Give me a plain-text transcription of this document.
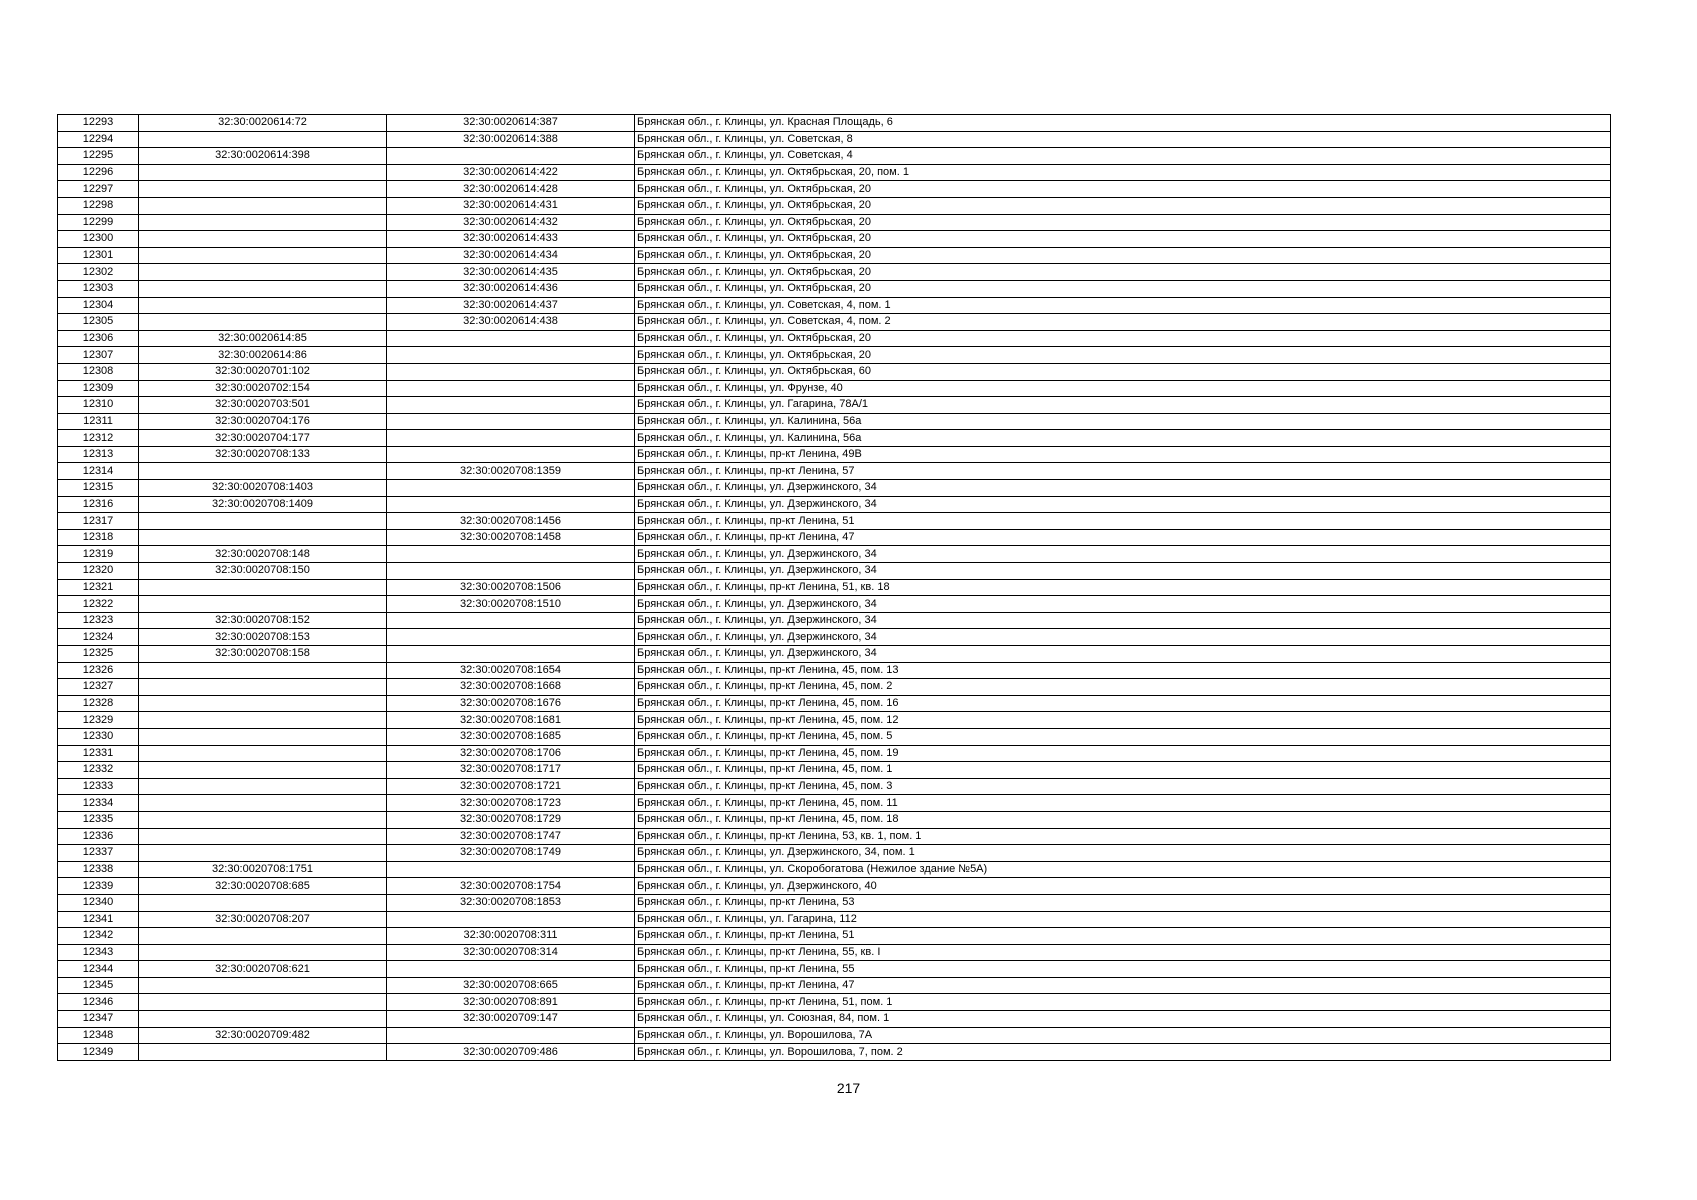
12293	32:30:0020614:72	32:30:0020614:387	Брянская обл., г. Клинцы, ул. Красная Площадь, 6
12294		32:30:0020614:388	Брянская обл., г. Клинцы, ул. Советская, 8
12295	32:30:0020614:398		Брянская обл., г. Клинцы, ул. Советская, 4
12296		32:30:0020614:422	Брянская обл., г. Клинцы, ул. Октябрьская, 20, пом. 1
12297		32:30:0020614:428	Брянская обл., г. Клинцы, ул. Октябрьская, 20
12298		32:30:0020614:431	Брянская обл., г. Клинцы, ул. Октябрьская, 20
12299		32:30:0020614:432	Брянская обл., г. Клинцы, ул. Октябрьская, 20
12300		32:30:0020614:433	Брянская обл., г. Клинцы, ул. Октябрьская, 20
12301		32:30:0020614:434	Брянская обл., г. Клинцы, ул. Октябрьская, 20
12302		32:30:0020614:435	Брянская обл., г. Клинцы, ул. Октябрьская, 20
12303		32:30:0020614:436	Брянская обл., г. Клинцы, ул. Октябрьская, 20
12304		32:30:0020614:437	Брянская обл., г. Клинцы, ул. Советская, 4, пом. 1
12305		32:30:0020614:438	Брянская обл., г. Клинцы, ул. Советская, 4, пом. 2
12306	32:30:0020614:85		Брянская обл., г. Клинцы, ул. Октябрьская, 20
12307	32:30:0020614:86		Брянская обл., г. Клинцы, ул. Октябрьская, 20
12308	32:30:0020701:102		Брянская обл., г. Клинцы, ул. Октябрьская, 60
12309	32:30:0020702:154		Брянская обл., г. Клинцы, ул. Фрунзе, 40
12310	32:30:0020703:501		Брянская обл., г. Клинцы, ул. Гагарина, 78А/1
12311	32:30:0020704:176		Брянская обл., г. Клинцы, ул. Калинина, 56а
12312	32:30:0020704:177		Брянская обл., г. Клинцы, ул. Калинина, 56а
12313	32:30:0020708:133		Брянская обл., г. Клинцы, пр-кт Ленина, 49В
12314		32:30:0020708:1359	Брянская обл., г. Клинцы, пр-кт Ленина, 57
12315	32:30:0020708:1403		Брянская обл., г. Клинцы, ул. Дзержинского, 34
12316	32:30:0020708:1409		Брянская обл., г. Клинцы, ул. Дзержинского, 34
12317		32:30:0020708:1456	Брянская обл., г. Клинцы, пр-кт Ленина, 51
12318		32:30:0020708:1458	Брянская обл., г. Клинцы, пр-кт Ленина, 47
12319	32:30:0020708:148		Брянская обл., г. Клинцы, ул. Дзержинского, 34
12320	32:30:0020708:150		Брянская обл., г. Клинцы, ул. Дзержинского, 34
12321		32:30:0020708:1506	Брянская обл., г. Клинцы, пр-кт Ленина, 51, кв. 18
12322		32:30:0020708:1510	Брянская обл., г. Клинцы, ул. Дзержинского, 34
12323	32:30:0020708:152		Брянская обл., г. Клинцы, ул. Дзержинского, 34
12324	32:30:0020708:153		Брянская обл., г. Клинцы, ул. Дзержинского, 34
12325	32:30:0020708:158		Брянская обл., г. Клинцы, ул. Дзержинского, 34
12326		32:30:0020708:1654	Брянская обл., г. Клинцы, пр-кт Ленина, 45, пом. 13
12327		32:30:0020708:1668	Брянская обл., г. Клинцы, пр-кт Ленина, 45, пом. 2
12328		32:30:0020708:1676	Брянская обл., г. Клинцы, пр-кт Ленина, 45, пом. 16
12329		32:30:0020708:1681	Брянская обл., г. Клинцы, пр-кт Ленина, 45, пом. 12
12330		32:30:0020708:1685	Брянская обл., г. Клинцы, пр-кт Ленина, 45, пом. 5
12331		32:30:0020708:1706	Брянская обл., г. Клинцы, пр-кт Ленина, 45, пом. 19
12332		32:30:0020708:1717	Брянская обл., г. Клинцы, пр-кт Ленина, 45, пом. 1
12333		32:30:0020708:1721	Брянская обл., г. Клинцы, пр-кт Ленина, 45, пом. 3
12334		32:30:0020708:1723	Брянская обл., г. Клинцы, пр-кт Ленина, 45, пом. 11
12335		32:30:0020708:1729	Брянская обл., г. Клинцы, пр-кт Ленина, 45, пом. 18
12336		32:30:0020708:1747	Брянская обл., г. Клинцы, пр-кт Ленина, 53, кв. 1, пом. 1
12337		32:30:0020708:1749	Брянская обл., г. Клинцы, ул. Дзержинского, 34, пом. 1
12338	32:30:0020708:1751		Брянская обл., г. Клинцы, ул. Скоробогатова (Нежилое здание №5А)
12339	32:30:0020708:685	32:30:0020708:1754	Брянская обл., г. Клинцы, ул. Дзержинского, 40
12340		32:30:0020708:1853	Брянская обл., г. Клинцы, пр-кт Ленина, 53
12341	32:30:0020708:207		Брянская обл., г. Клинцы, ул. Гагарина, 112
12342		32:30:0020708:311	Брянская обл., г. Клинцы, пр-кт Ленина, 51
12343		32:30:0020708:314	Брянская обл., г. Клинцы, пр-кт Ленина, 55, кв. I
12344	32:30:0020708:621		Брянская обл., г. Клинцы, пр-кт Ленина, 55
12345		32:30:0020708:665	Брянская обл., г. Клинцы, пр-кт Ленина, 47
12346		32:30:0020708:891	Брянская обл., г. Клинцы, пр-кт Ленина, 51, пом. 1
12347		32:30:0020709:147	Брянская обл., г. Клинцы, ул. Союзная, 84, пом. 1
12348	32:30:0020709:482		Брянская обл., г. Клинцы, ул. Ворошилова, 7А
12349		32:30:0020709:486	Брянская обл., г. Клинцы, ул. Ворошилова, 7, пом. 2
217
